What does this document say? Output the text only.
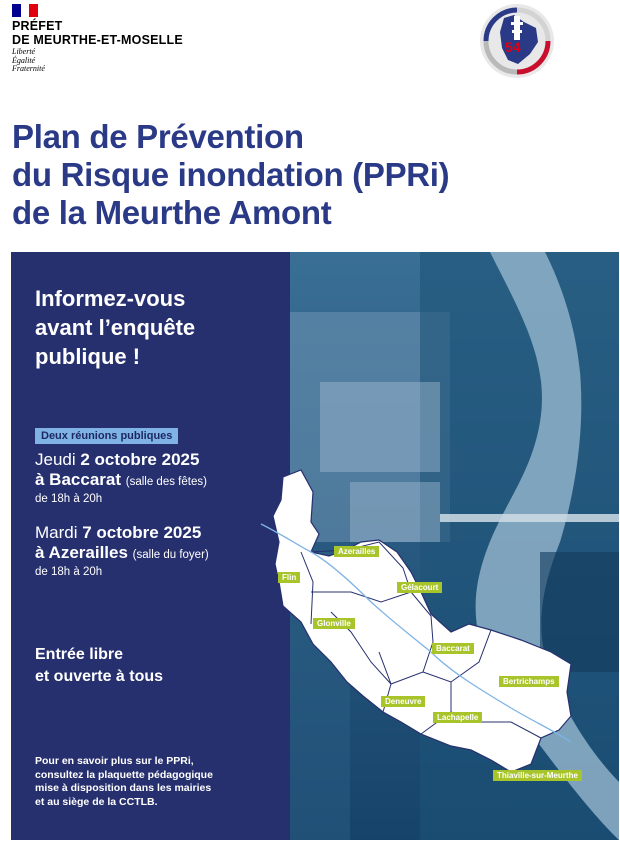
PRÉFET
DE MEURTHE-ET-MOSELLE
Liberté
Égalité
Fraternité
54
Plan de Prévention
du Risque inondation (PPRi)
de la Meurthe Amont
Azerailles
Flin
Gélacourt
Glonville
Baccarat
Bertrichamps
Deneuvre
Lachapelle
Thiaville-sur-Meurthe
Informez-vous
avant l’enquête
publique !
Deux réunions publiques
Jeudi 2 octobre 2025
à Baccarat (salle des fêtes)
de 18h à 20h
Mardi 7 octobre 2025
à Azerailles (salle du foyer)
de 18h à 20h
Entrée libre
et ouverte à tous
Pour en savoir plus sur le PPRi,
consultez la plaquette pédagogique
mise à disposition dans les mairies
et au siège de la CCTLB.
